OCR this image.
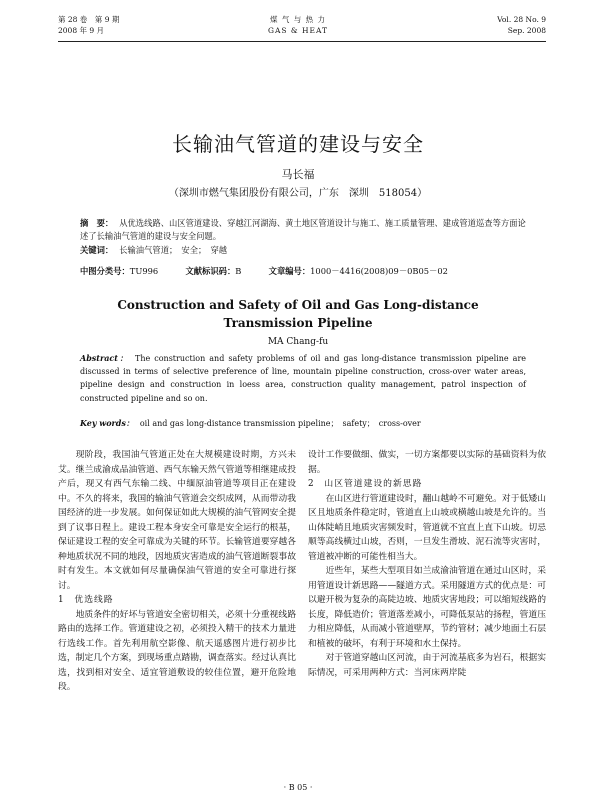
第 28 卷　第 9 期
2008 年 9 月
煤 气 与 热 力
GAS & HEAT
Vol. 28 No. 9
Sep. 2008
长输油气管道的建设与安全
马长福
（深圳市燃气集团股份有限公司，广东　深圳　518054）
摘　要： 从优选线路、山区管道建设、穿越江河湖海、黄土地区管道设计与施工、施工质量管理、建成管道巡查等方面论述了长输油气管道的建设与安全问题。
关键词： 长输油气管道；　安全；　穿越
中图分类号：TU996	文献标识码：B	文章编号：1000－4416(2008)09－0B05－02
Construction and Safety of Oil and Gas Long-distance
Transmission Pipeline
MA Chang-fu
Abstract： The construction and safety problems of oil and gas long-distance transmission pipeline are discussed in terms of selective preference of line, mountain pipeline construction, cross-over water areas, pipeline design and construction in loess area, construction quality management, patrol inspection of constructed pipeline and so on.
Key words： oil and gas long-distance transmission pipeline；　safety；　cross-over

现阶段，我国油气管道正处在大规模建设时期，方兴未艾。继兰成渝成品油管道、西气东输天然气管道等相继建成投产后，现又有西气东输二线、中缅原油管道等项目正在建设中。不久的将来，我国的输油气管道会交织成网，从而带动我国经济的进一步发展。如何保证如此大规模的油气管网安全提到了议事日程上。建设工程本身安全可靠是安全运行的根基，保证建设工程的安全可靠成为关键的环节。长输管道要穿越各种地质状况不同的地段，因地质灾害造成的油气管道断裂事故时有发生。本文就如何尽量确保油气管道的安全可靠进行探讨。

1　优选线路

地质条件的好坏与管道安全密切相关，必须十分重视线路路由的选择工作。管道建设之初，必须投入精干的技术力量进行选线工作。首先利用航空影像、航天遥感图片进行初步比选，制定几个方案，到现场重点踏勘，调查落实。经过认真比选，找到相对安全、适宜管道敷设的较佳位置，避开危险地段。

设计工作要做细、做实，一切方案都要以实际的基础资料为依据。

2　山区管道建设的新思路

在山区进行管道建设时，翻山越岭不可避免。对于低矮山区且地质条件稳定时，管道直上山坡或横越山坡是允许的。当山体陡峭且地质灾害频发时，管道就不宜直上直下山坡。切忌顺等高线横过山坡，否则，一旦发生滑坡、泥石流等灾害时，管道被冲断的可能性相当大。

近些年，某些大型项目如兰成渝油管道在通过山区时，采用管道设计新思路——隧道方式。采用隧道方式的优点是：可以避开极为复杂的高陡边坡、地质灾害地段；可以缩短线路的长度，降低造价；管道落差减小，可降低泵站的扬程，管道压力相应降低，从而减小管道壁厚，节约管材；减少地面土石层和植被的破坏，有利于环境和水土保持。

对于管道穿越山区河流，由于河流基底多为岩石，根据实际情况，可采用两种方式：当河床两岸陡

· B 05 ·
